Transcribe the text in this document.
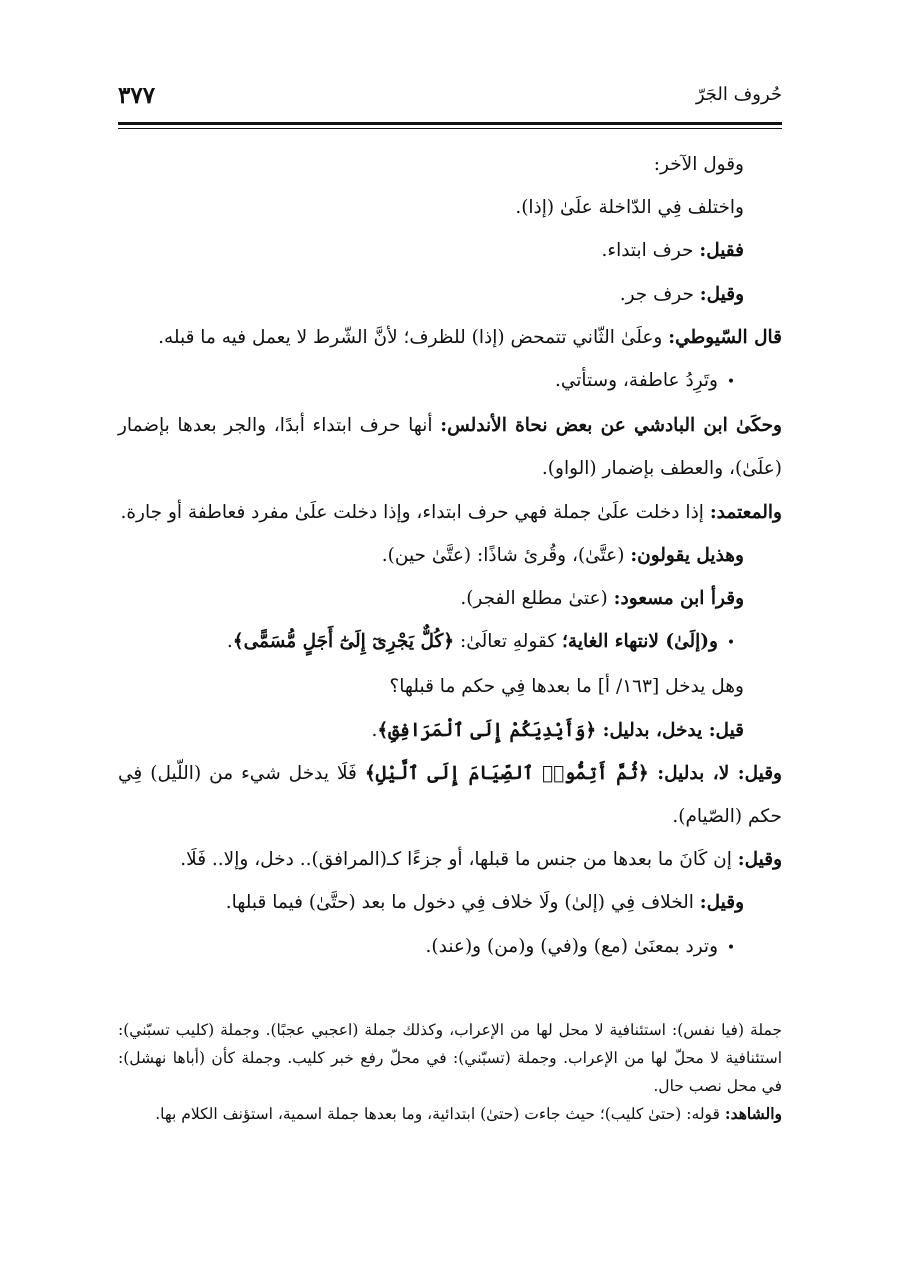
٣٧٧	حُروف الجَرّ

وقول الآخر:

واختلف فِي الدّاخلة علَىٰ (إذا).

فقيل: حرف ابتداء.

وقيل: حرف جر.

قال السّيوطي: وعلَىٰ الثّاني تتمحض (إذا) للظرف؛ لأنَّ الشّرط لا يعمل فيه ما قبله.

•وتَرِدُ عاطفة، وستأتي.

وحكَىٰ ابن البادشي عن بعض نحاة الأندلس: أنها حرف ابتداء أبدًا، والجر بعدها بإضمار (علَىٰ)، والعطف بإضمار (الواو).

والمعتمد: إذا دخلت علَىٰ جملة فهي حرف ابتداء، وإذا دخلت علَىٰ مفرد فعاطفة أو جارة.

وهذيل يقولون: (عتَّىٰ)، وقُرئ شاذًا: (عتَّىٰ حين).

وقرأ ابن مسعود: (عتىٰ مطلع الفجر).

•و(إلَىٰ) لانتهاء الغاية؛ كقولهِ تعالَىٰ: ﴿كُلٌّ يَجْرِىٓ إِلَىٰٓ أَجَلٍ مُّسَمًّى﴾.

وهل يدخل [١٦٣/ أ] ما بعدها فِي حكم ما قبلها؟

قيل: يدخل، بدليل: ﴿وَأَيْدِيَكُمْ إِلَى ٱلْمَرَافِقِ﴾.

وقيل: لا، بدليل: ﴿ثُمَّ أَتِمُّوا۟ ٱلصِّيَامَ إِلَى ٱلَّيْلِ﴾ فَلَا يدخل شيء من (اللّيل) فِي حكم (الصّيام).

وقيل: إن كَانَ ما بعدها من جنس ما قبلها، أو جزءًا كـ(المرافق).. دخل، وإلا.. فَلَا.

وقيل: الخلاف فِي (إلىٰ) ولَا خلاف فِي دخول ما بعد (حتَّىٰ) فيما قبلها.

•وترد بمعنَىٰ (مع) و(في) و(من) و(عند).

جملة (فيا نفس): استئنافية لا محل لها من الإعراب، وكذلك جملة (اعجبي عجبًا). وجملة (كليب تسبّني): استئنافية لا محلّ لها من الإعراب. وجملة (تسبّني): في محلّ رفع خبر كليب. وجملة كأن (أباها نهشل): في محل نصب حال.

والشاهد: قوله: (حتىٰ كليب)؛ حيث جاءت (حتىٰ) ابتدائية، وما بعدها جملة اسمية، استؤنف الكلام بها.
